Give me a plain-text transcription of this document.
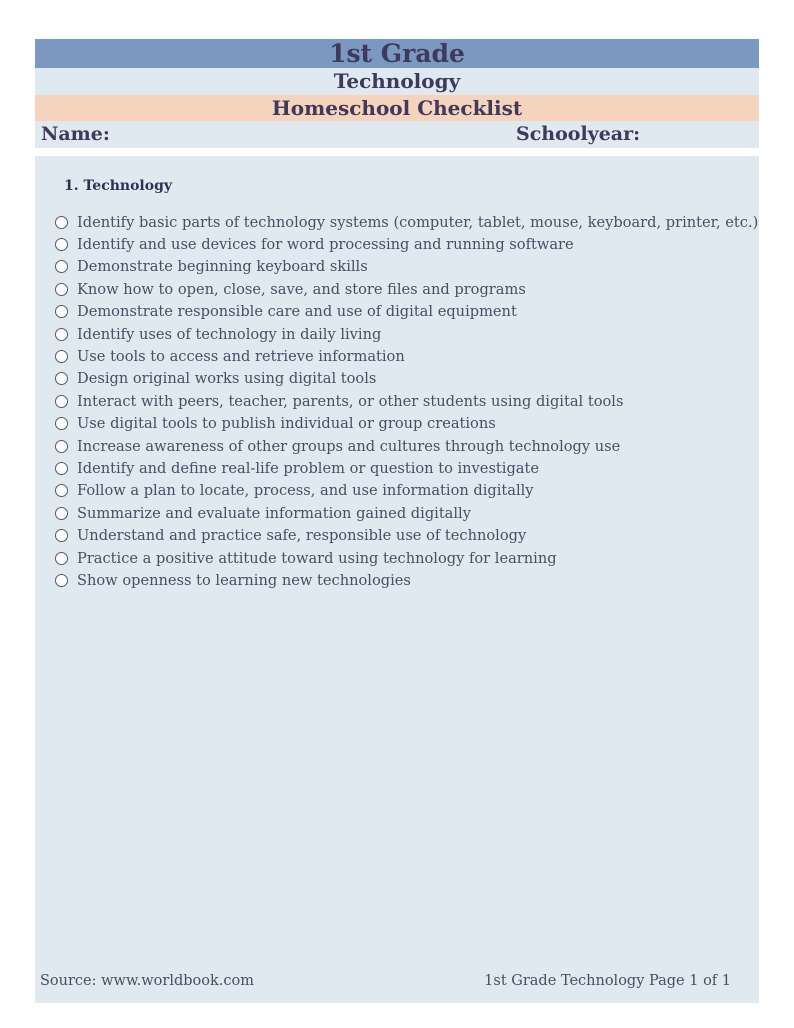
1st Grade
Technology
Homeschool Checklist
Name:	Schoolyear:
1. Technology
Identify basic parts of technology systems (computer, tablet, mouse, keyboard, printer, etc.)
Identify and use devices for word processing and running software
Demonstrate beginning keyboard skills
Know how to open, close, save, and store files and programs
Demonstrate responsible care and use of digital equipment
Identify uses of technology in daily living
Use tools to access and retrieve information
Design original works using digital tools
Interact with peers, teacher, parents, or other students using digital tools
Use digital tools to publish individual or group creations
Increase awareness of other groups and cultures through technology use
Identify and define real-life problem or question to investigate
Follow a plan to locate, process, and use information digitally
Summarize and evaluate information gained digitally
Understand and practice safe, responsible use of technology
Practice a positive attitude toward using technology for learning
Show openness to learning new technologies
Source: www.worldbook.com	1st Grade Technology Page 1 of 1
